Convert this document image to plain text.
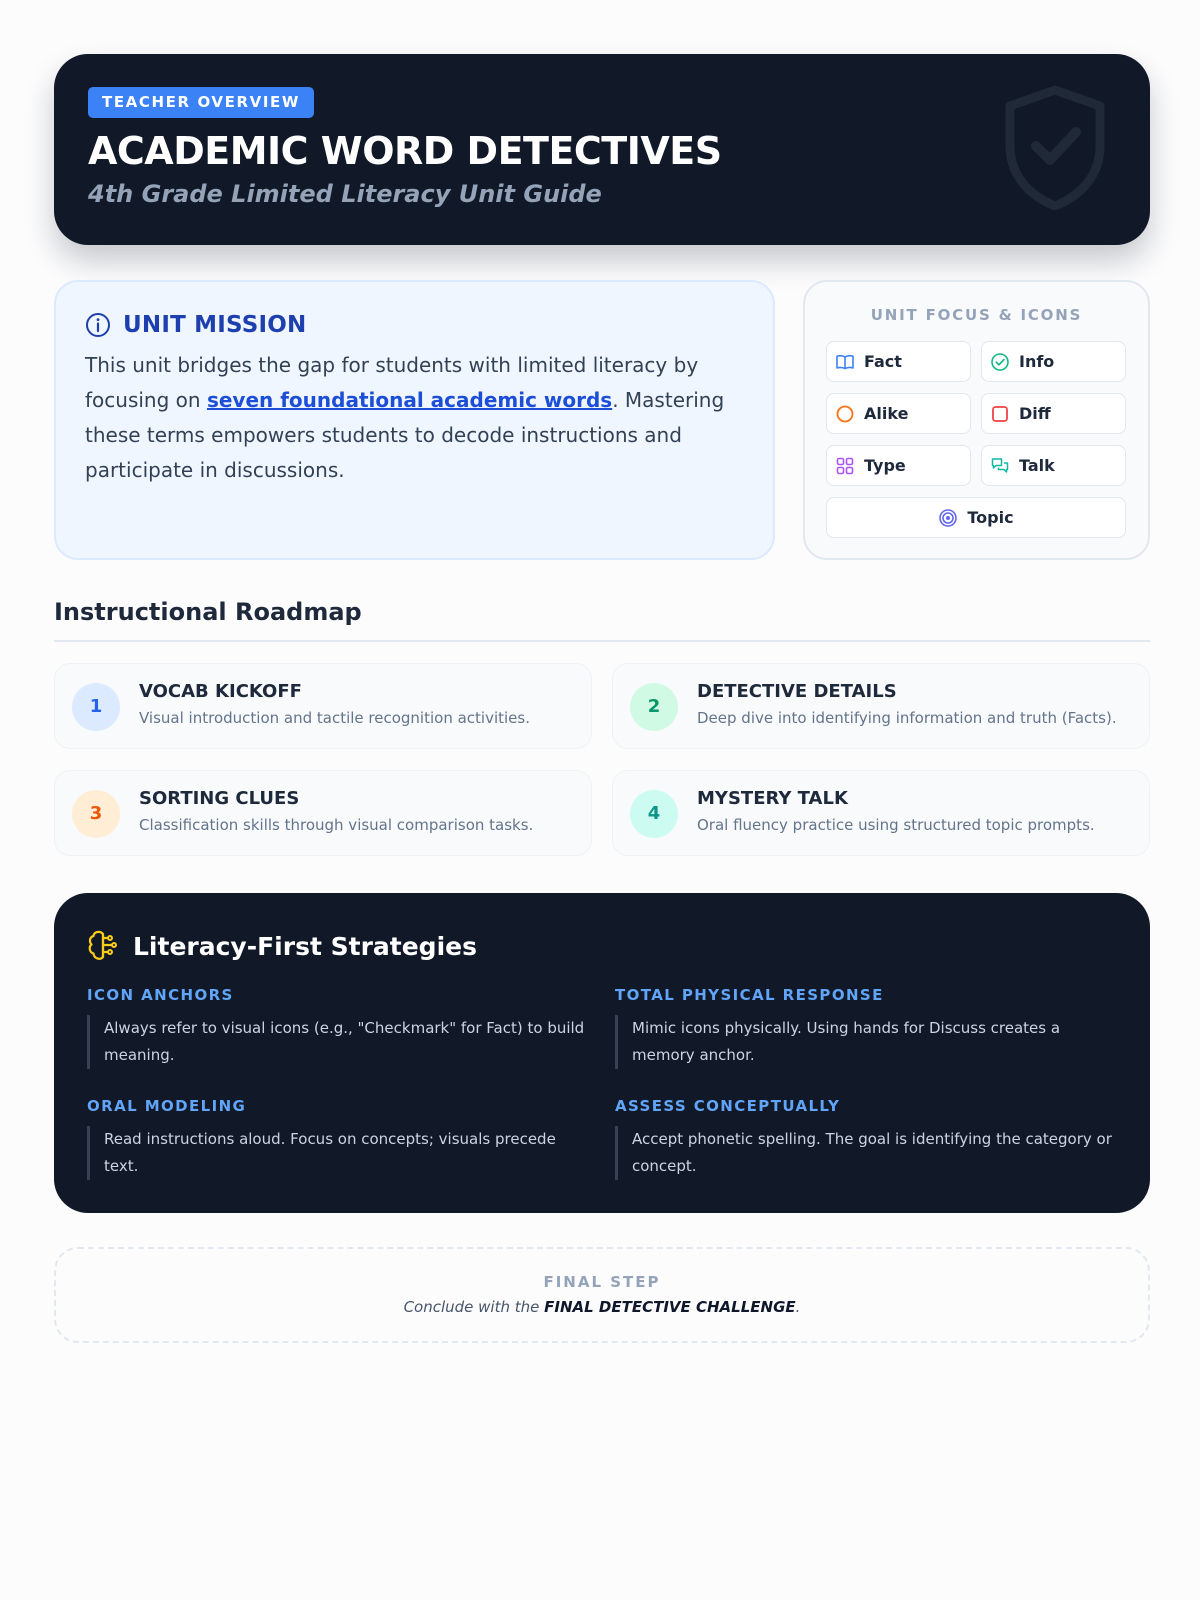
TEACHER OVERVIEW
ACADEMIC WORD DETECTIVES
4th Grade Limited Literacy Unit Guide
UNIT MISSION

This unit bridges the gap for students with limited literacy by focusing on seven foundational academic words. Mastering these terms empowers students to decode instructions and participate in discussions.

UNIT FOCUS & ICONS
Fact	Info
Alike	Diff
Type	Talk
Topic
Instructional Roadmap
1
VOCAB KICKOFF
Visual introduction and tactile recognition activities.
2
DETECTIVE DETAILS
Deep dive into identifying information and truth (Facts).
3
SORTING CLUES
Classification skills through visual comparison tasks.
4
MYSTERY TALK
Oral fluency practice using structured topic prompts.
Literacy-First Strategies
ICON ANCHORS
Always refer to visual icons (e.g., "Checkmark" for Fact) to build meaning.
TOTAL PHYSICAL RESPONSE
Mimic icons physically. Using hands for Discuss creates a memory anchor.
ORAL MODELING
Read instructions aloud. Focus on concepts; visuals precede text.
ASSESS CONCEPTUALLY
Accept phonetic spelling. The goal is identifying the category or concept.
FINAL STEP
Conclude with the FINAL DETECTIVE CHALLENGE.
